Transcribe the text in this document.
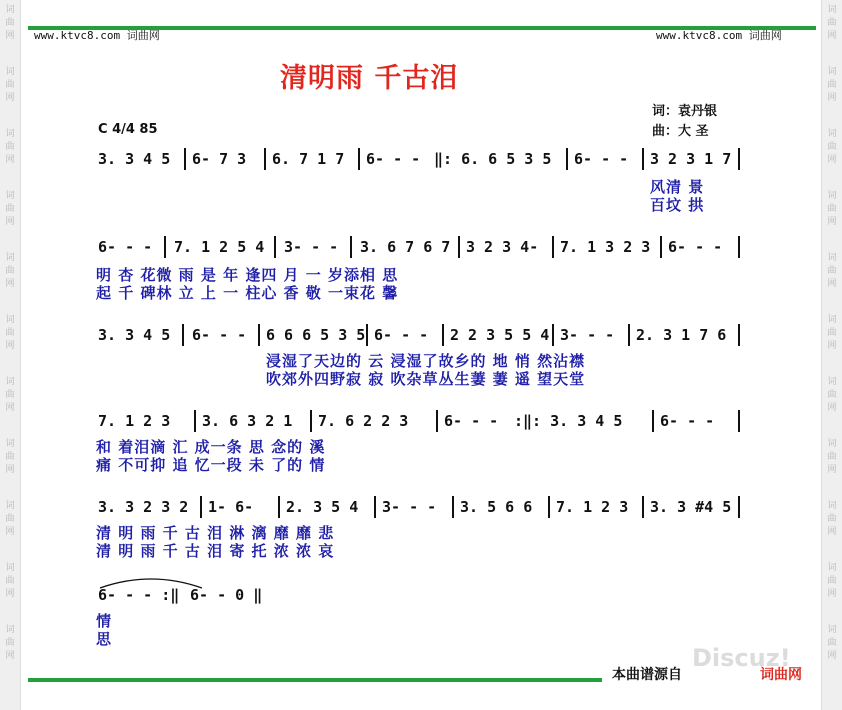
词
曲
网
词
曲
网
词
曲
网
词
曲
网
词
曲
网
词
曲
网
词
曲
网
词
曲
网
词
曲
网
词
曲
网
词
曲
网
词
曲
网
词
曲
网
词
曲
网
词
曲
网
词
曲
网
词
曲
网
词
曲
网
词
曲
网
词
曲
网
词
曲
网
词
曲
网
www.ktvc8.com 词曲网	www.ktvc8.com 词曲网
清明雨 千古泪
词：袁丹银
曲：大 圣
C 4/4 85
3. 3 4 5 6- 7 3 6. 7 1 7 6- - - ‖: 6. 6 5 3 5 6- - - 3 2 3 1 7
风清 景
百坟 拱
6- - - 7. 1 2 5 4 3- - - 3. 6 7 6 7 3 2 3 4- 7. 1 3 2 3 6- - -
明 杏 花微 雨 是 年 逢四 月 一 岁添相 思
起 千 碑林 立 上 一 柱心 香 敬 一束花 馨
3. 3 4 5 6- - - 6 6 6 5 3 5 6- - - 2 2 3 5 5 4 3- - - 2. 3 1 7 6
浸湿了天边的 云 浸湿了故乡的 地 悄 然沾襟
吹郊外四野寂 寂 吹杂草丛生萋 萋 遥 望天堂
7. 1 2 3 3. 6 3 2 1 7. 6 2 2 3 6- - - :‖: 3. 3 4 5	6- - -
和 着泪滴 汇 成一条 思 念的 溪
痛 不可抑 追 忆一段 未 了的 情
3. 3 2 3 2 1- 6- 2. 3 5 4 3- - - 3. 5 6 6 7. 1 2 3 3. 3 #4 5
清 明 雨 千 古 泪 淋 漓 靡 靡 悲
清 明 雨 千 古 泪 寄 托 浓 浓 哀
6- - - :‖ 6- - 0 ‖
情
思
Discuz!
本曲谱源自	词曲网
